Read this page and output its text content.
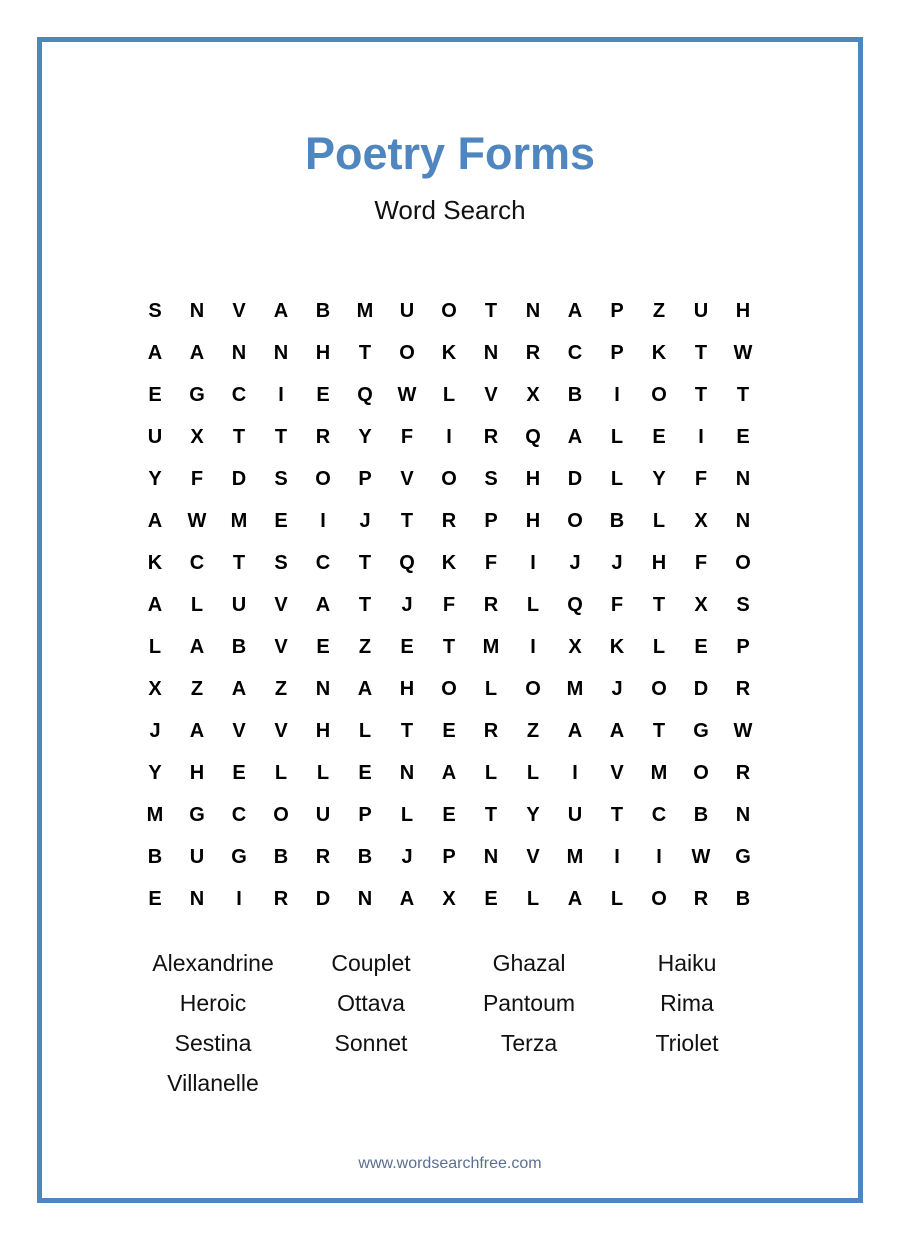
Poetry Forms
Word Search
S	N	V	A	B	M	U	O	T	N	A	P	Z	U	H
A	A	N	N	H	T	O	K	N	R	C	P	K	T	W
E	G	C	I	E	Q	W	L	V	X	B	I	O	T	T
U	X	T	T	R	Y	F	I	R	Q	A	L	E	I	E
Y	F	D	S	O	P	V	O	S	H	D	L	Y	F	N
A	W	M	E	I	J	T	R	P	H	O	B	L	X	N
K	C	T	S	C	T	Q	K	F	I	J	J	H	F	O
A	L	U	V	A	T	J	F	R	L	Q	F	T	X	S
L	A	B	V	E	Z	E	T	M	I	X	K	L	E	P
X	Z	A	Z	N	A	H	O	L	O	M	J	O	D	R
J	A	V	V	H	L	T	E	R	Z	A	A	T	G	W
Y	H	E	L	L	E	N	A	L	L	I	V	M	O	R
M	G	C	O	U	P	L	E	T	Y	U	T	C	B	N
B	U	G	B	R	B	J	P	N	V	M	I	I	W	G
E	N	I	R	D	N	A	X	E	L	A	L	O	R	B
Alexandrine	Couplet	Ghazal	Haiku
Heroic	Ottava	Pantoum	Rima
Sestina	Sonnet	Terza	Triolet
Villanelle
www.wordsearchfree.com
